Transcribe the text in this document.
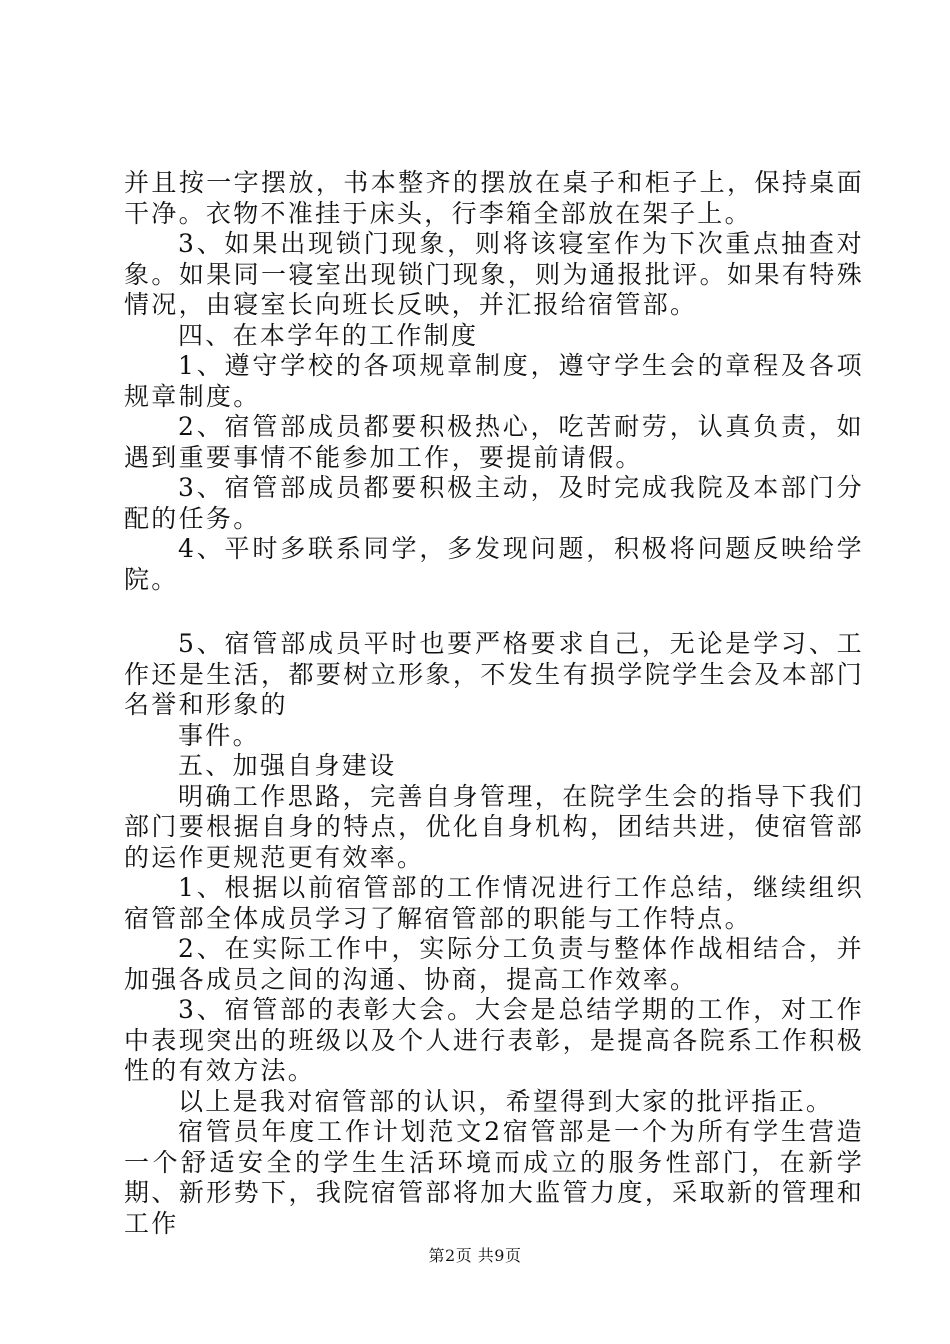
并且按一字摆放，书本整齐的摆放在桌子和柜子上，保持桌面干净。衣物不准挂于床头，行李箱全部放在架子上。

3、如果出现锁门现象，则将该寝室作为下次重点抽查对象。如果同一寝室出现锁门现象，则为通报批评。如果有特殊情况，由寝室长向班长反映，并汇报给宿管部。

四、在本学年的工作制度

1、遵守学校的各项规章制度，遵守学生会的章程及各项规章制度。

2、宿管部成员都要积极热心，吃苦耐劳，认真负责，如遇到重要事情不能参加工作，要提前请假。

3、宿管部成员都要积极主动，及时完成我院及本部门分配的任务。

4、平时多联系同学，多发现问题，积极将问题反映给学院。

5、宿管部成员平时也要严格要求自己，无论是学习、工作还是生活，都要树立形象，不发生有损学院学生会及本部门名誉和形象的

事件。

五、加强自身建设

明确工作思路，完善自身管理，在院学生会的指导下我们部门要根据自身的特点，优化自身机构，团结共进，使宿管部的运作更规范更有效率。

1、根据以前宿管部的工作情况进行工作总结，继续组织宿管部全体成员学习了解宿管部的职能与工作特点。

2、在实际工作中，实际分工负责与整体作战相结合，并加强各成员之间的沟通、协商，提高工作效率。

3、宿管部的表彰大会。大会是总结学期的工作，对工作中表现突出的班级以及个人进行表彰，是提高各院系工作积极性的有效方法。

以上是我对宿管部的认识，希望得到大家的批评指正。

宿管员年度工作计划范文2宿管部是一个为所有学生营造一个舒适安全的学生生活环境而成立的服务性部门，在新学期、新形势下，我院宿管部将加大监管力度，采取新的管理和工作

第2页 共9页
